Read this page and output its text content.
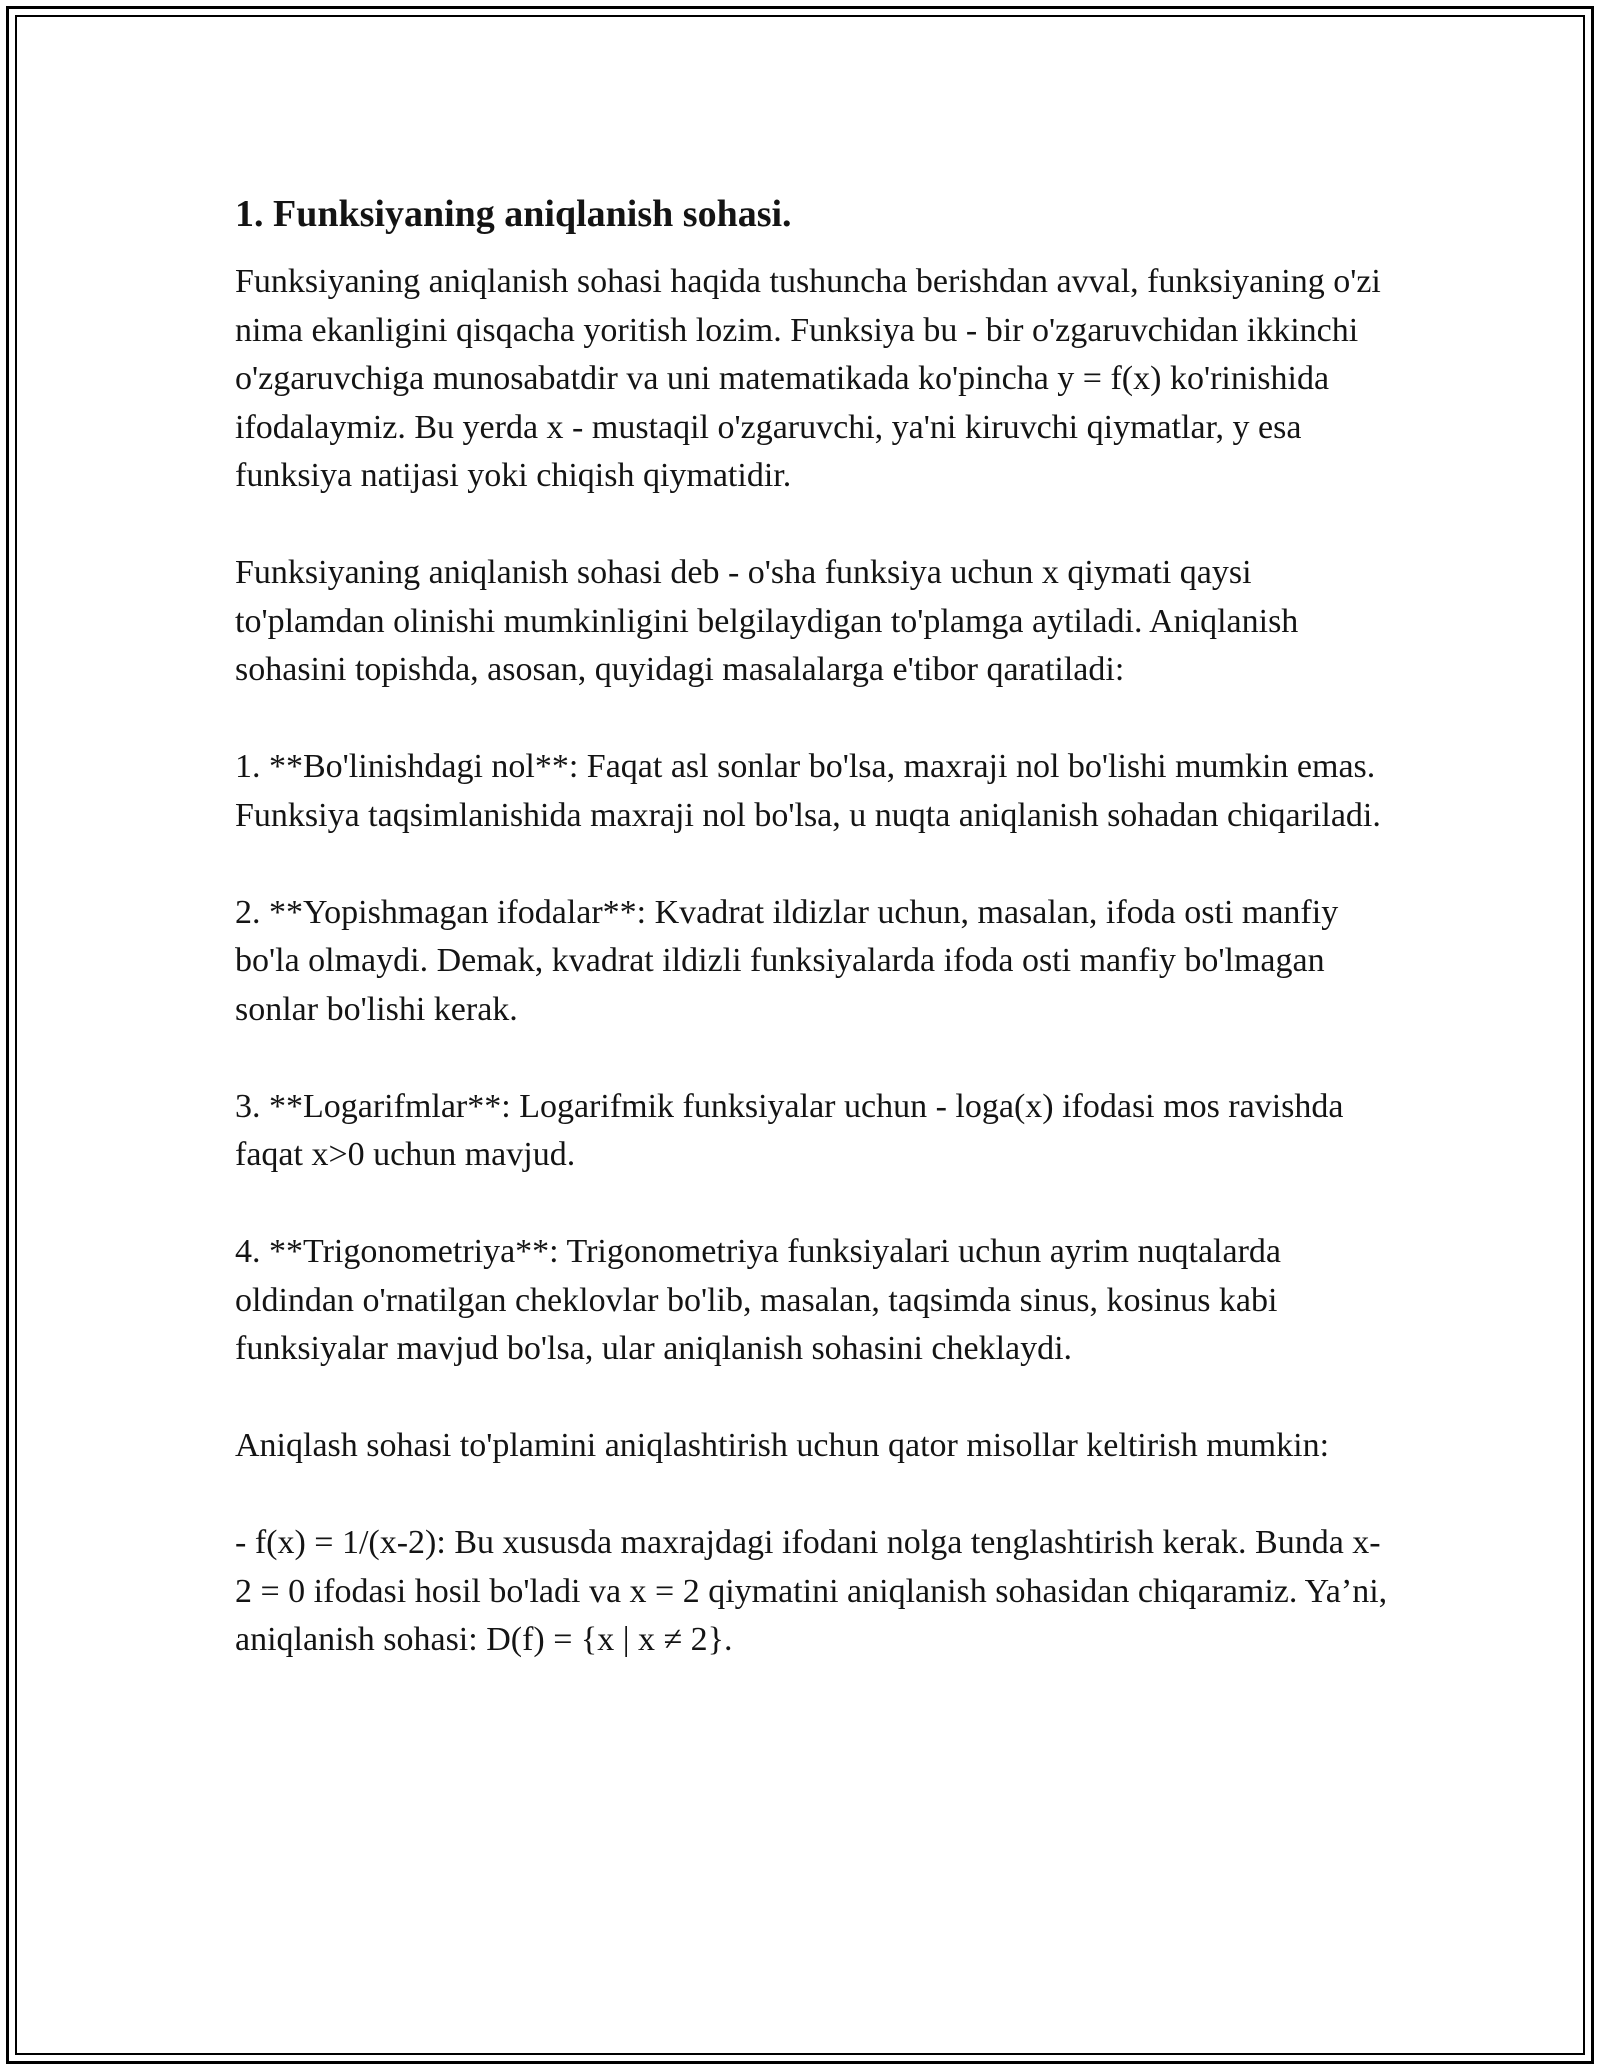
1. Funksiyaning aniqlanish sohasi.

Funksiyaning aniqlanish sohasi haqida tushuncha berishdan avval, funksiyaning o'zi nima ekanligini qisqacha yoritish lozim. Funksiya bu - bir o'zgaruvchidan ikkinchi o'zgaruvchiga munosabatdir va uni matematikada ko'pincha y = f(x) ko'rinishida ifodalaymiz. Bu yerda x - mustaqil o'zgaruvchi, ya'ni kiruvchi qiymatlar, y esa funksiya natijasi yoki chiqish qiymatidir.

Funksiyaning aniqlanish sohasi deb - o'sha funksiya uchun x qiymati qaysi to'plamdan olinishi mumkinligini belgilaydigan to'plamga aytiladi. Aniqlanish sohasini topishda, asosan, quyidagi masalalarga e'tibor qaratiladi:

1. **Bo'linishdagi nol**: Faqat asl sonlar bo'lsa, maxraji nol bo'lishi mumkin emas. Funksiya taqsimlanishida maxraji nol bo'lsa, u nuqta aniqlanish sohadan chiqariladi.

2. **Yopishmagan ifodalar**: Kvadrat ildizlar uchun, masalan, ifoda osti manfiy bo'la olmaydi. Demak, kvadrat ildizli funksiyalarda ifoda osti manfiy bo'lmagan sonlar bo'lishi kerak.

3. **Logarifmlar**: Logarifmik funksiyalar uchun - loga(x) ifodasi mos ravishda faqat x>0 uchun mavjud.

4. **Trigonometriya**: Trigonometriya funksiyalari uchun ayrim nuqtalarda oldindan o'rnatilgan cheklovlar bo'lib, masalan, taqsimda sinus, kosinus kabi funksiyalar mavjud bo'lsa, ular aniqlanish sohasini cheklaydi.

Aniqlash sohasi to'plamini aniqlashtirish uchun qator misollar keltirish mumkin:

- f(x) = 1/(x-2): Bu xususda maxrajdagi ifodani nolga tenglashtirish kerak. Bunda x-2 = 0 ifodasi hosil bo'ladi va x = 2 qiymatini aniqlanish sohasidan chiqaramiz. Ya’ni, aniqlanish sohasi: D(f) = {x | x ≠ 2}.
